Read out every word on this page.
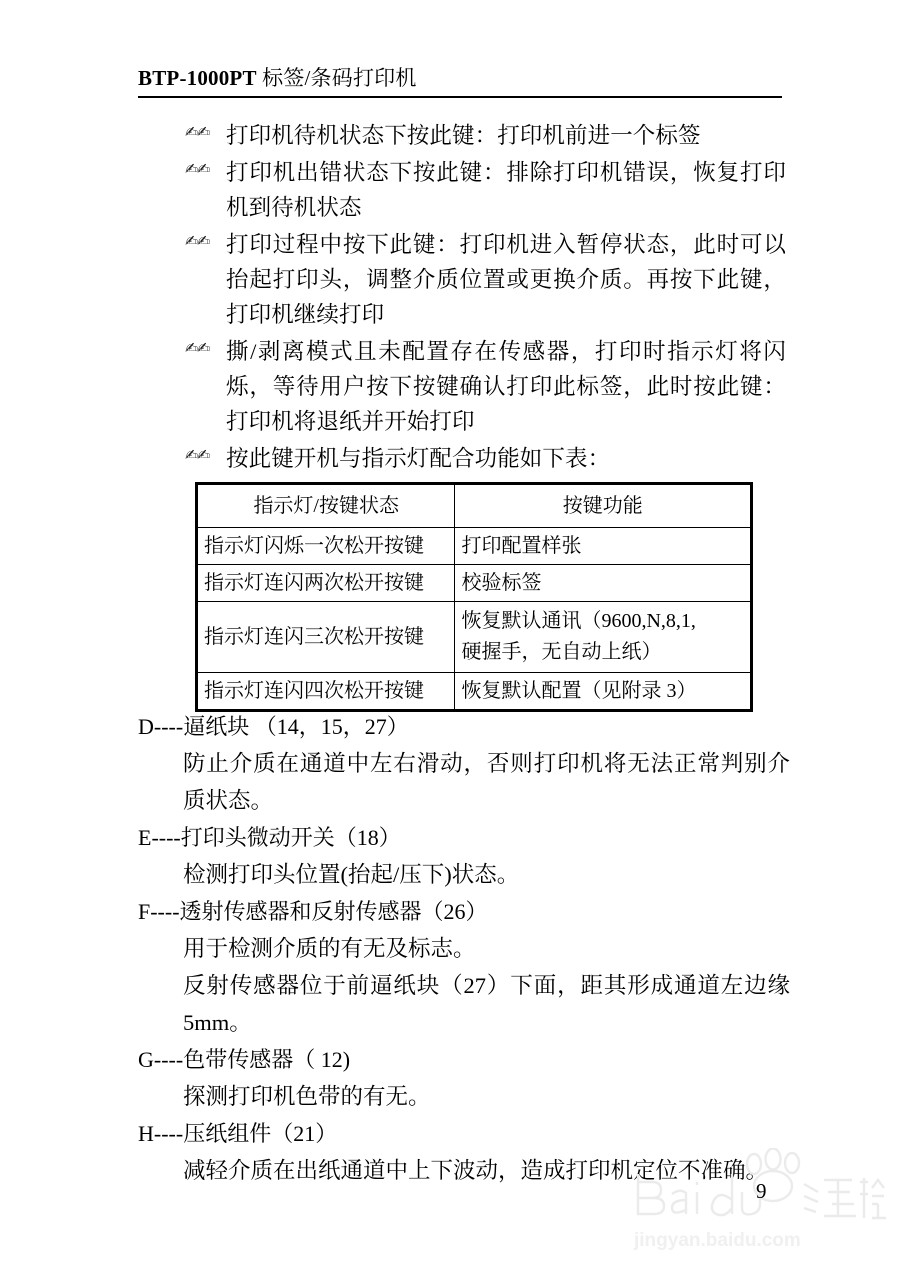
BTP-1000PT 标签/条码打印机
✍✍ 打印机待机状态下按此键：打印机前进一个标签
✍✍ 打印机出错状态下按此键：排除打印机错误，恢复打印机到待机状态
✍✍ 打印过程中按下此键：打印机进入暂停状态，此时可以抬起打印头，调整介质位置或更换介质。再按下此键，打印机继续打印
✍✍ 撕/剥离模式且未配置存在传感器，打印时指示灯将闪烁，等待用户按下按键确认打印此标签，此时按此键：打印机将退纸并开始打印
✍✍ 按此键开机与指示灯配合功能如下表：
指示灯/按键状态	按键功能
指示灯闪烁一次松开按键	打印配置样张
指示灯连闪两次松开按键	校验标签
指示灯连闪三次松开按键	恢复默认通讯（9600,N,8,1,
硬握手，无自动上纸）
指示灯连闪四次松开按键	恢复默认配置（见附录 3）
D----逼纸块 （14，15，27）

防止介质在通道中左右滑动，否则打印机将无法正常判别介质状态。

E----打印头微动开关（18）

检测打印头位置(抬起/压下)状态。

F----透射传感器和反射传感器（26）

用于检测介质的有无及标志。

反射传感器位于前逼纸块（27）下面，距其形成通道左边缘5mm。

G----色带传感器（ 12)

探测打印机色带的有无。

H----压纸组件（21）

减轻介质在出纸通道中上下波动，造成打印机定位不准确。

jingyan.baidu.com
9
